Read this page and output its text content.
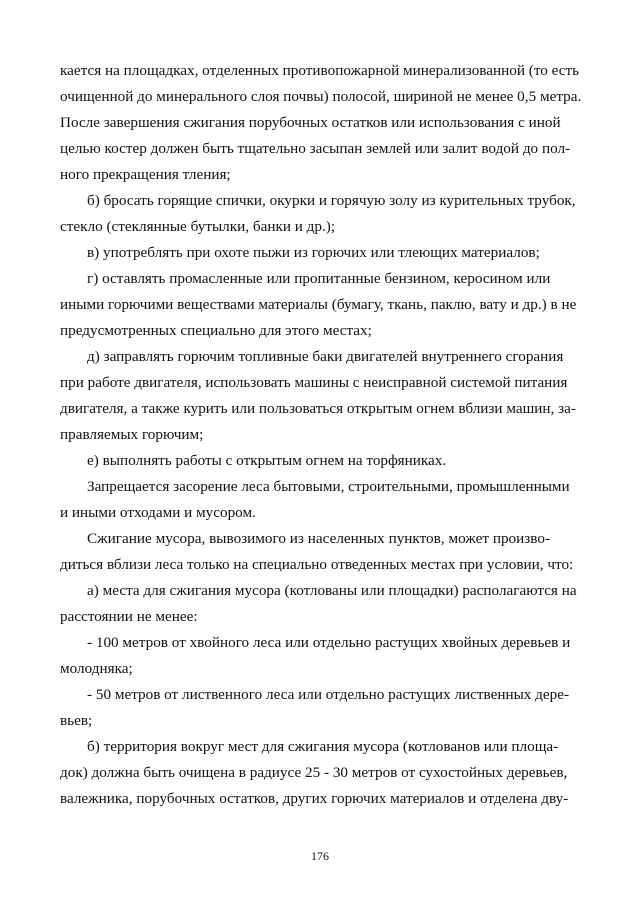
кается на площадках, отделенных противопожарной минерализованной (то есть
очищенной до минерального слоя почвы) полосой, шириной не менее 0,5 метра.
После завершения сжигания порубочных остатков или использования с иной
целью костер должен быть тщательно засыпан землей или залит водой до пол-
ного прекращения тления;
б) бросать горящие спички, окурки и горячую золу из курительных трубок,
стекло (стеклянные бутылки, банки и др.);
в) употреблять при охоте пыжи из горючих или тлеющих материалов;
г) оставлять промасленные или пропитанные бензином, керосином или
иными горючими веществами материалы (бумагу, ткань, паклю, вату и др.) в не
предусмотренных специально для этого местах;
д) заправлять горючим топливные баки двигателей внутреннего сгорания
при работе двигателя, использовать машины с неисправной системой питания
двигателя, а также курить или пользоваться открытым огнем вблизи машин, за-
правляемых горючим;
е) выполнять работы с открытым огнем на торфяниках.
Запрещается засорение леса бытовыми, строительными, промышленными
и иными отходами и мусором.
Сжигание мусора, вывозимого из населенных пунктов, может произво-
диться вблизи леса только на специально отведенных местах при условии, что:
а) места для сжигания мусора (котлованы или площадки) располагаются на
расстоянии не менее:
- 100 метров от хвойного леса или отдельно растущих хвойных деревьев и
молодняка;
- 50 метров от лиственного леса или отдельно растущих лиственных дере-
вьев;
б) территория вокруг мест для сжигания мусора (котлованов или площа-
док) должна быть очищена в радиусе 25 - 30 метров от сухостойных деревьев,
валежника, порубочных остатков, других горючих материалов и отделена дву-
176
